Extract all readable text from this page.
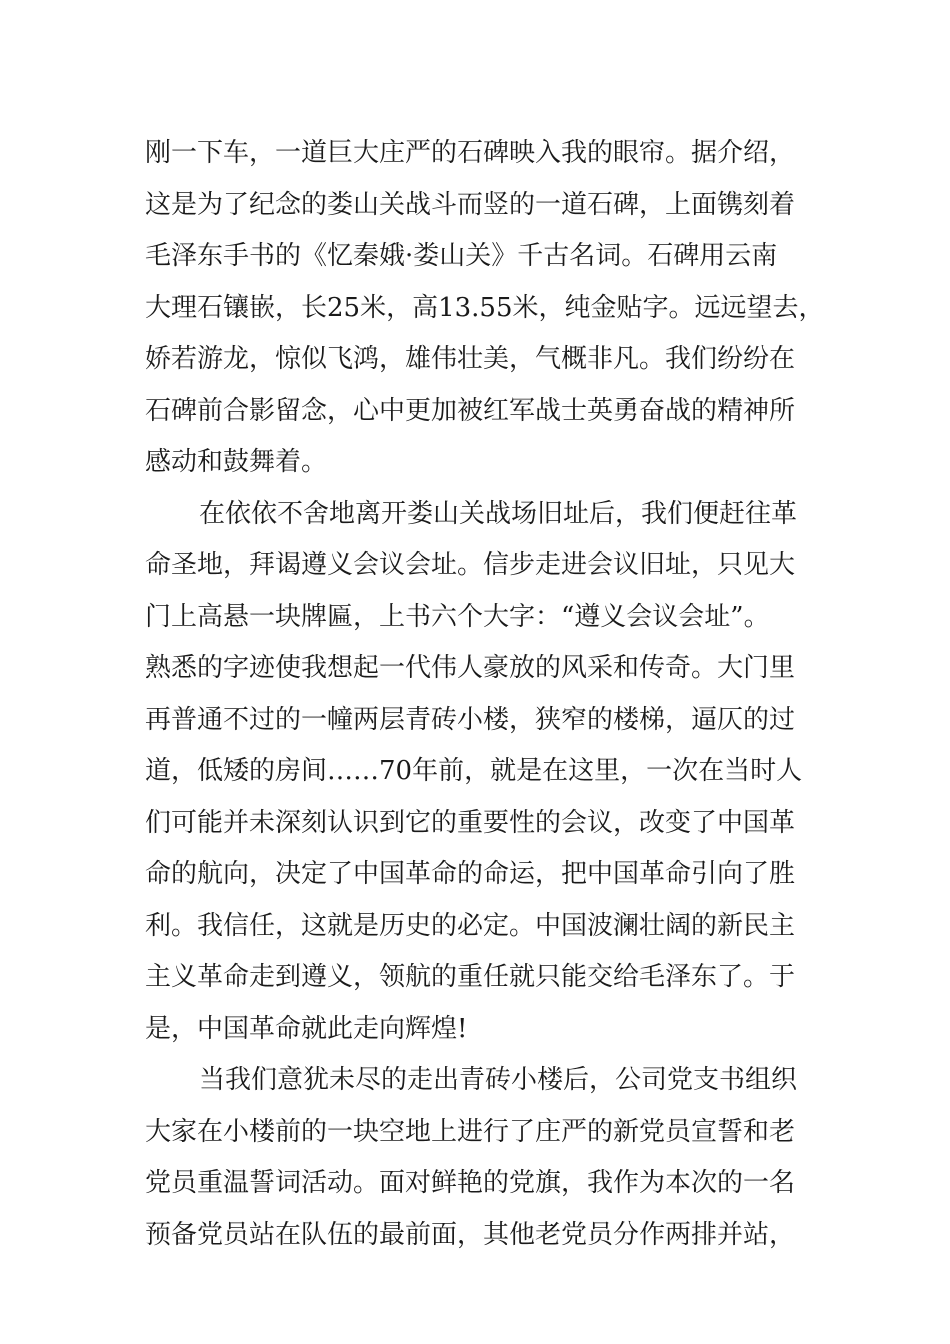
刚一下车，一道巨大庄严的石碑映入我的眼帘。据介绍，
这是为了纪念的娄山关战斗而竖的一道石碑，上面镌刻着
毛泽东手书的《忆秦娥·娄山关》千古名词。石碑用云南
大理石镶嵌，长25米，高13.55米，纯金贴字。远远望去，
娇若游龙，惊似飞鸿，雄伟壮美，气概非凡。我们纷纷在
石碑前合影留念，心中更加被红军战士英勇奋战的精神所
感动和鼓舞着。
在依依不舍地离开娄山关战场旧址后，我们便赶往革
命圣地，拜谒遵义会议会址。信步走进会议旧址，只见大
门上高悬一块牌匾，上书六个大字：“遵义会议会址”。
熟悉的字迹使我想起一代伟人豪放的风采和传奇。大门里
再普通不过的一幢两层青砖小楼，狭窄的楼梯，逼仄的过
道，低矮的房间……70年前，就是在这里，一次在当时人
们可能并未深刻认识到它的重要性的会议，改变了中国革
命的航向，决定了中国革命的命运，把中国革命引向了胜
利。我信任，这就是历史的必定。中国波澜壮阔的新民主
主义革命走到遵义，领航的重任就只能交给毛泽东了。于
是，中国革命就此走向辉煌!
当我们意犹未尽的走出青砖小楼后，公司党支书组织
大家在小楼前的一块空地上进行了庄严的新党员宣誓和老
党员重温誓词活动。面对鲜艳的党旗，我作为本次的一名
预备党员站在队伍的最前面，其他老党员分作两排并站，
